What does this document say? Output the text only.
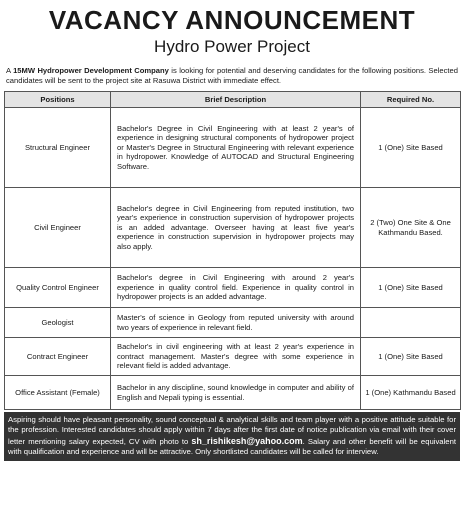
VACANCY ANNOUNCEMENT
Hydro Power Project

A 15MW Hydropower Development Company is looking for potential and deserving candidates for the following positions. Selected candidates will be sent to the project site at Rasuwa District with immediate effect.

Positions	Brief Description	Required No.
Structural Engineer	Bachelor's Degree in Civil Engineering with at least 2 year's of experience in designing structural components of hydropower project or Master's Degree in Structural Engineering with relevant experience in hydropower. Knowledge of AUTOCAD and Structural Engineering Software.	1 (One) Site Based
Civil Engineer	Bachelor's degree in Civil Engineering from reputed institution, two year's experience in construction supervision of hydropower projects is an added advantage. Overseer having at least five year's experience in construction supervision in hydropower projects may also apply.	2 (Two) One Site & One Kathmandu Based.
Quality Control Engineer	Bachelor's degree in Civil Engineering with around 2 year's experience in quality control field. Experience in quality control in hydropower projects is an added advantage.	1 (One) Site Based
Geologist	Master's of science in Geology from reputed university with around two years of experience in relevant field.	
Contract Engineer	Bachelor's in civil engineering with at least 2 year's experience in contract management. Master's degree with some experience in relevant field is added advantage.	1 (One) Site Based
Office Assistant (Female)	Bachelor in any discipline, sound knowledge in computer and ability of English and Nepali typing is essential.	1 (One) Kathmandu Based
Aspiring should have pleasant personality, sound conceptual & analytical skills and team player with a positive attitude suitable for the profession. Interested candidates should apply within 7 days after the first date of notice publication via email with their cover letter mentioning salary expected, CV with photo to sh_rishikesh@yahoo.com. Salary and other benefit will be equivalent with qualification and experience and will be attractive. Only shortlisted candidates will be called for interview.
